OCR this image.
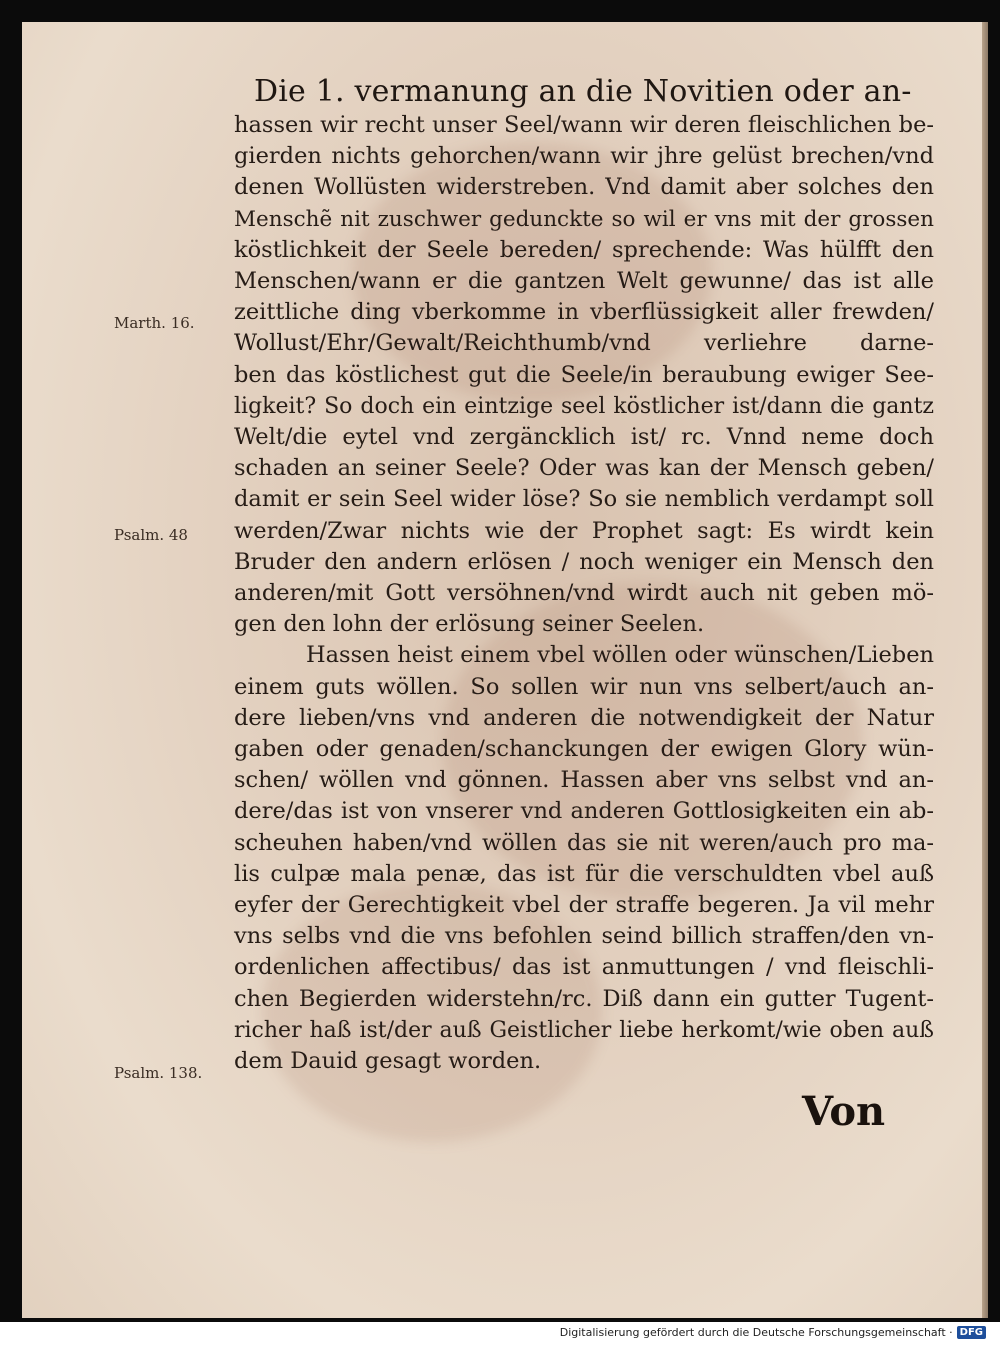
Die 1. vermanung an die Novitien oder an-
hassen wir recht unser Seel/wann wir deren fleischlichen be-
gierden nichts gehorchen/wann wir jhre gelüst brechen/vnd
denen Wollüsten widerstreben. Vnd damit aber solches den
Menschẽ nit zuschwer gedunckte so wil er vns mit der grossen
köstlichkeit der Seele bereden/ sprechende: Was hülfft den
Menschen/wann er die gantzen Welt gewunne/ das ist alle
zeittliche ding vberkomme in vberflüssigkeit aller frewden/
Wollust/Ehr/Gewalt/Reichthumb/vnd verliehre darne-
ben das köstlichest gut die Seele/in beraubung ewiger See-
ligkeit? So doch ein eintzige seel köstlicher ist/dann die gantz
Welt/die eytel vnd zergäncklich ist/ rc. Vnnd neme doch
schaden an seiner Seele? Oder was kan der Mensch geben/
damit er sein Seel wider löse? So sie nemblich verdampt soll
werden/Zwar nichts wie der Prophet sagt: Es wirdt kein
Bruder den andern erlösen / noch weniger ein Mensch den
anderen/mit Gott versöhnen/vnd wirdt auch nit geben mö-
gen den lohn der erlösung seiner Seelen.
Hassen heist einem vbel wöllen oder wünschen/Lieben
einem guts wöllen. So sollen wir nun vns selbert/auch an-
dere lieben/vns vnd anderen die notwendigkeit der Natur
gaben oder genaden/schanckungen der ewigen Glory wün-
schen/ wöllen vnd gönnen. Hassen aber vns selbst vnd an-
dere/das ist von vnserer vnd anderen Gottlosigkeiten ein ab-
scheuhen haben/vnd wöllen das sie nit weren/auch pro ma-
lis culpæ mala penæ, das ist für die verschuldten vbel auß
eyfer der Gerechtigkeit vbel der straffe begeren. Ja vil mehr
vns selbs vnd die vns befohlen seind billich straffen/den vn-
ordenlichen affectibus/ das ist anmuttungen / vnd fleischli-
chen Begierden widerstehn/rc. Diß dann ein gutter Tugent-
richer haß ist/der auß Geistlicher liebe herkomt/wie oben auß
dem Dauid gesagt worden.
Marth. 16.
Psalm. 48
Psalm. 138.
Von
Digitalisierung gefördert durch die Deutsche Forschungsgemeinschaft · DFG
